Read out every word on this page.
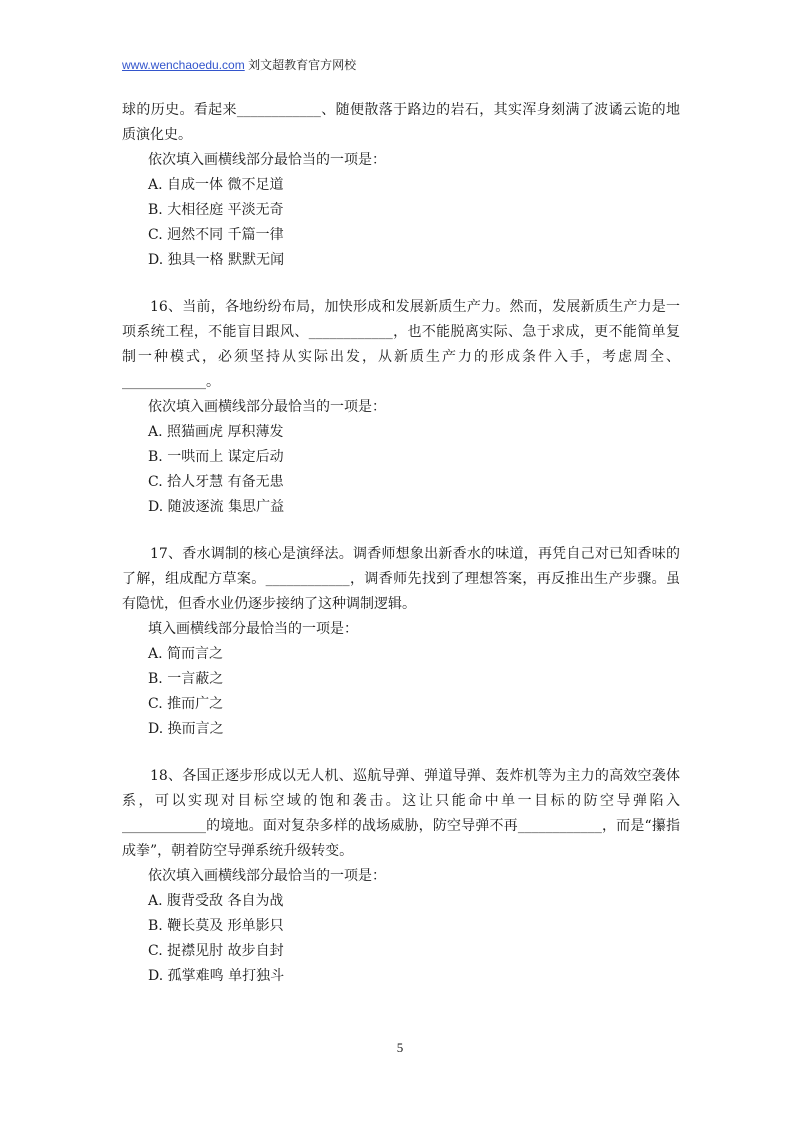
www.wenchaoedu.com 刘文超教育官方网校

球的历史。看起来____________、随便散落于路边的岩石，其实浑身刻满了波谲云诡的地质演化史。

依次填入画横线部分最恰当的一项是：

A. 自成一体 微不足道

B. 大相径庭 平淡无奇

C. 迥然不同 千篇一律

D. 独具一格 默默无闻

16、当前，各地纷纷布局，加快形成和发展新质生产力。然而，发展新质生产力是一项系统工程，不能盲目跟风、____________，也不能脱离实际、急于求成，更不能简单复制一种模式，必须坚持从实际出发，从新质生产力的形成条件入手，考虑周全、____________。

依次填入画横线部分最恰当的一项是：

A. 照猫画虎 厚积薄发

B. 一哄而上 谋定后动

C. 拾人牙慧 有备无患

D. 随波逐流 集思广益

17、香水调制的核心是演绎法。调香师想象出新香水的味道，再凭自己对已知香味的了解，组成配方草案。____________，调香师先找到了理想答案，再反推出生产步骤。虽有隐忧，但香水业仍逐步接纳了这种调制逻辑。

填入画横线部分最恰当的一项是：

A. 简而言之

B. 一言蔽之

C. 推而广之

D. 换而言之

18、各国正逐步形成以无人机、巡航导弹、弹道导弹、轰炸机等为主力的高效空袭体系，可以实现对目标空域的饱和袭击。这让只能命中单一目标的防空导弹陷入____________的境地。面对复杂多样的战场威胁，防空导弹不再____________，而是“攥指成拳”，朝着防空导弹系统升级转变。

依次填入画横线部分最恰当的一项是：

A. 腹背受敌 各自为战

B. 鞭长莫及 形单影只

C. 捉襟见肘 故步自封

D. 孤掌难鸣 单打独斗

5
